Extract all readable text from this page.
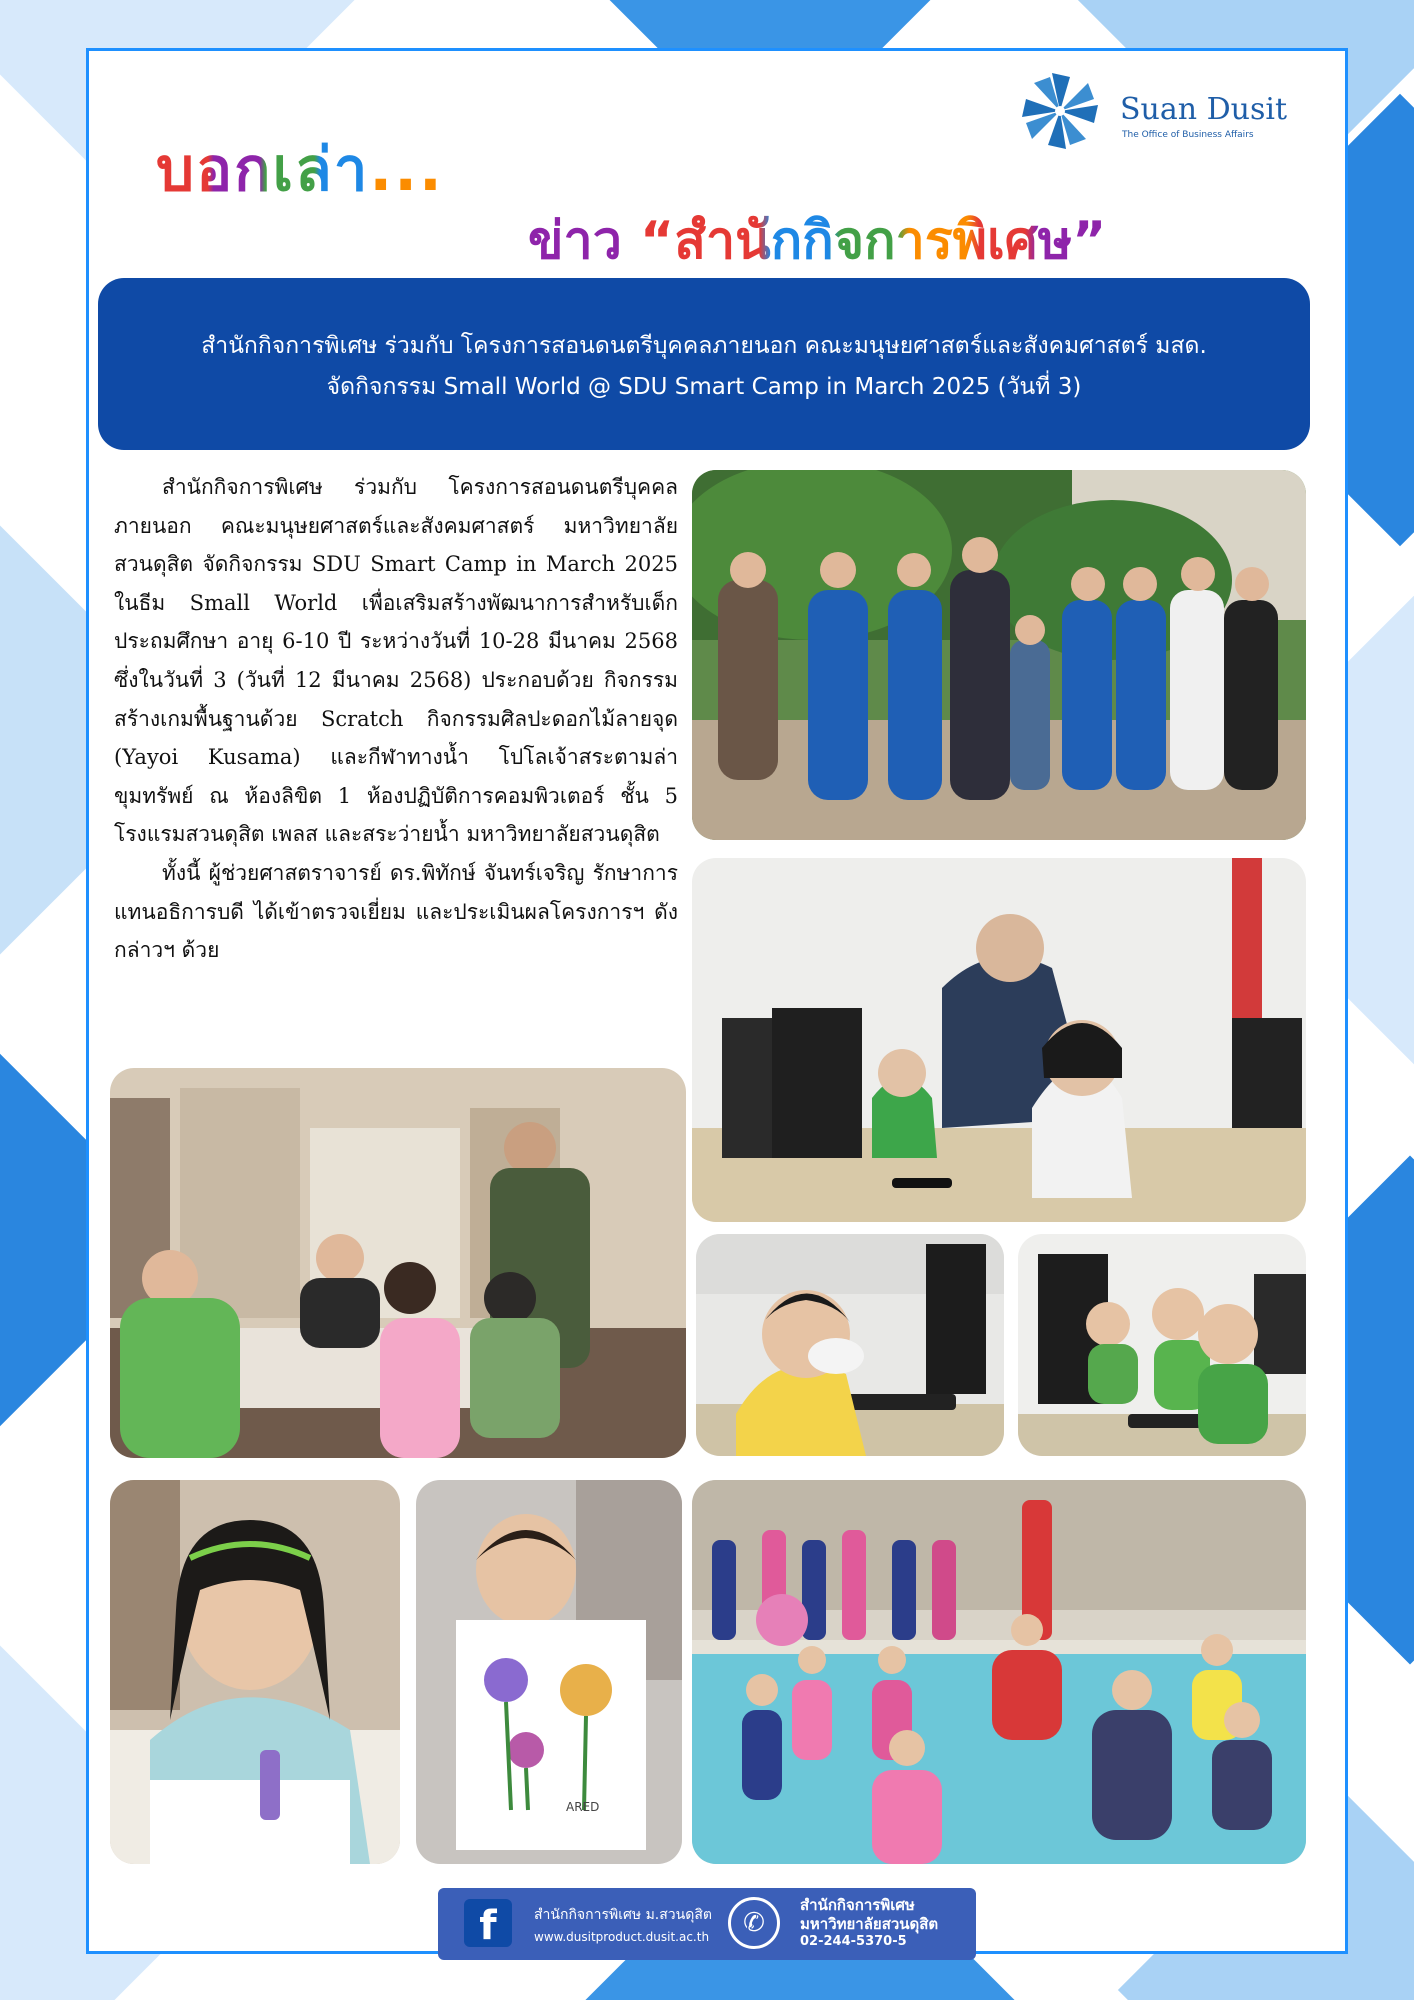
Suan Dusit
The Office of Business Affairs
บอกเล่า...
ข่าว “สำนักกิจการพิเศษ”
สำนักกิจการพิเศษ ร่วมกับ โครงการสอนดนตรีบุคคลภายนอก คณะมนุษยศาสตร์และสังคมศาสตร์ มสด.
จัดกิจกรรม Small World @ SDU Smart Camp in March 2025 (วันที่ 3)

สำนักกิจการพิเศษ ร่วมกับ โครงการสอนดนตรีบุคคลภายนอก คณะมนุษยศาสตร์และสังคมศาสตร์ มหาวิทยาลัยสวนดุสิต จัดกิจกรรม SDU Smart Camp in March 2025 ในธีม Small World เพื่อเสริมสร้างพัฒนาการสำหรับเด็กประถมศึกษา อายุ 6-10 ปี ระหว่างวันที่ 10-28 มีนาคม 2568 ซึ่งในวันที่ 3 (วันที่ 12 มีนาคม 2568) ประกอบด้วย กิจกรรมสร้างเกมพื้นฐานด้วย Scratch กิจกรรมศิลปะดอกไม้ลายจุด (Yayoi Kusama) และกีฬาทางน้ำ โปโลเจ้าสระตามล่าขุมทรัพย์ ณ ห้องลิขิต 1 ห้องปฏิบัติการคอมพิวเตอร์ ชั้น 5 โรงแรมสวนดุสิต เพลส และสระว่ายน้ำ มหาวิทยาลัยสวนดุสิต

ทั้งนี้ ผู้ช่วยศาสตราจารย์ ดร.พิทักษ์ จันทร์เจริญ รักษาการแทนอธิการบดี ได้เข้าตรวจเยี่ยม และประเมินผลโครงการฯ ดังกล่าวฯ ด้วย

ARED
f	สำนักกิจการพิเศษ ม.สวนดุสิต
www.dusitproduct.dusit.ac.th	✆
สำนักกิจการพิเศษ
มหาวิทยาลัยสวนดุสิต
02-244-5370-5
